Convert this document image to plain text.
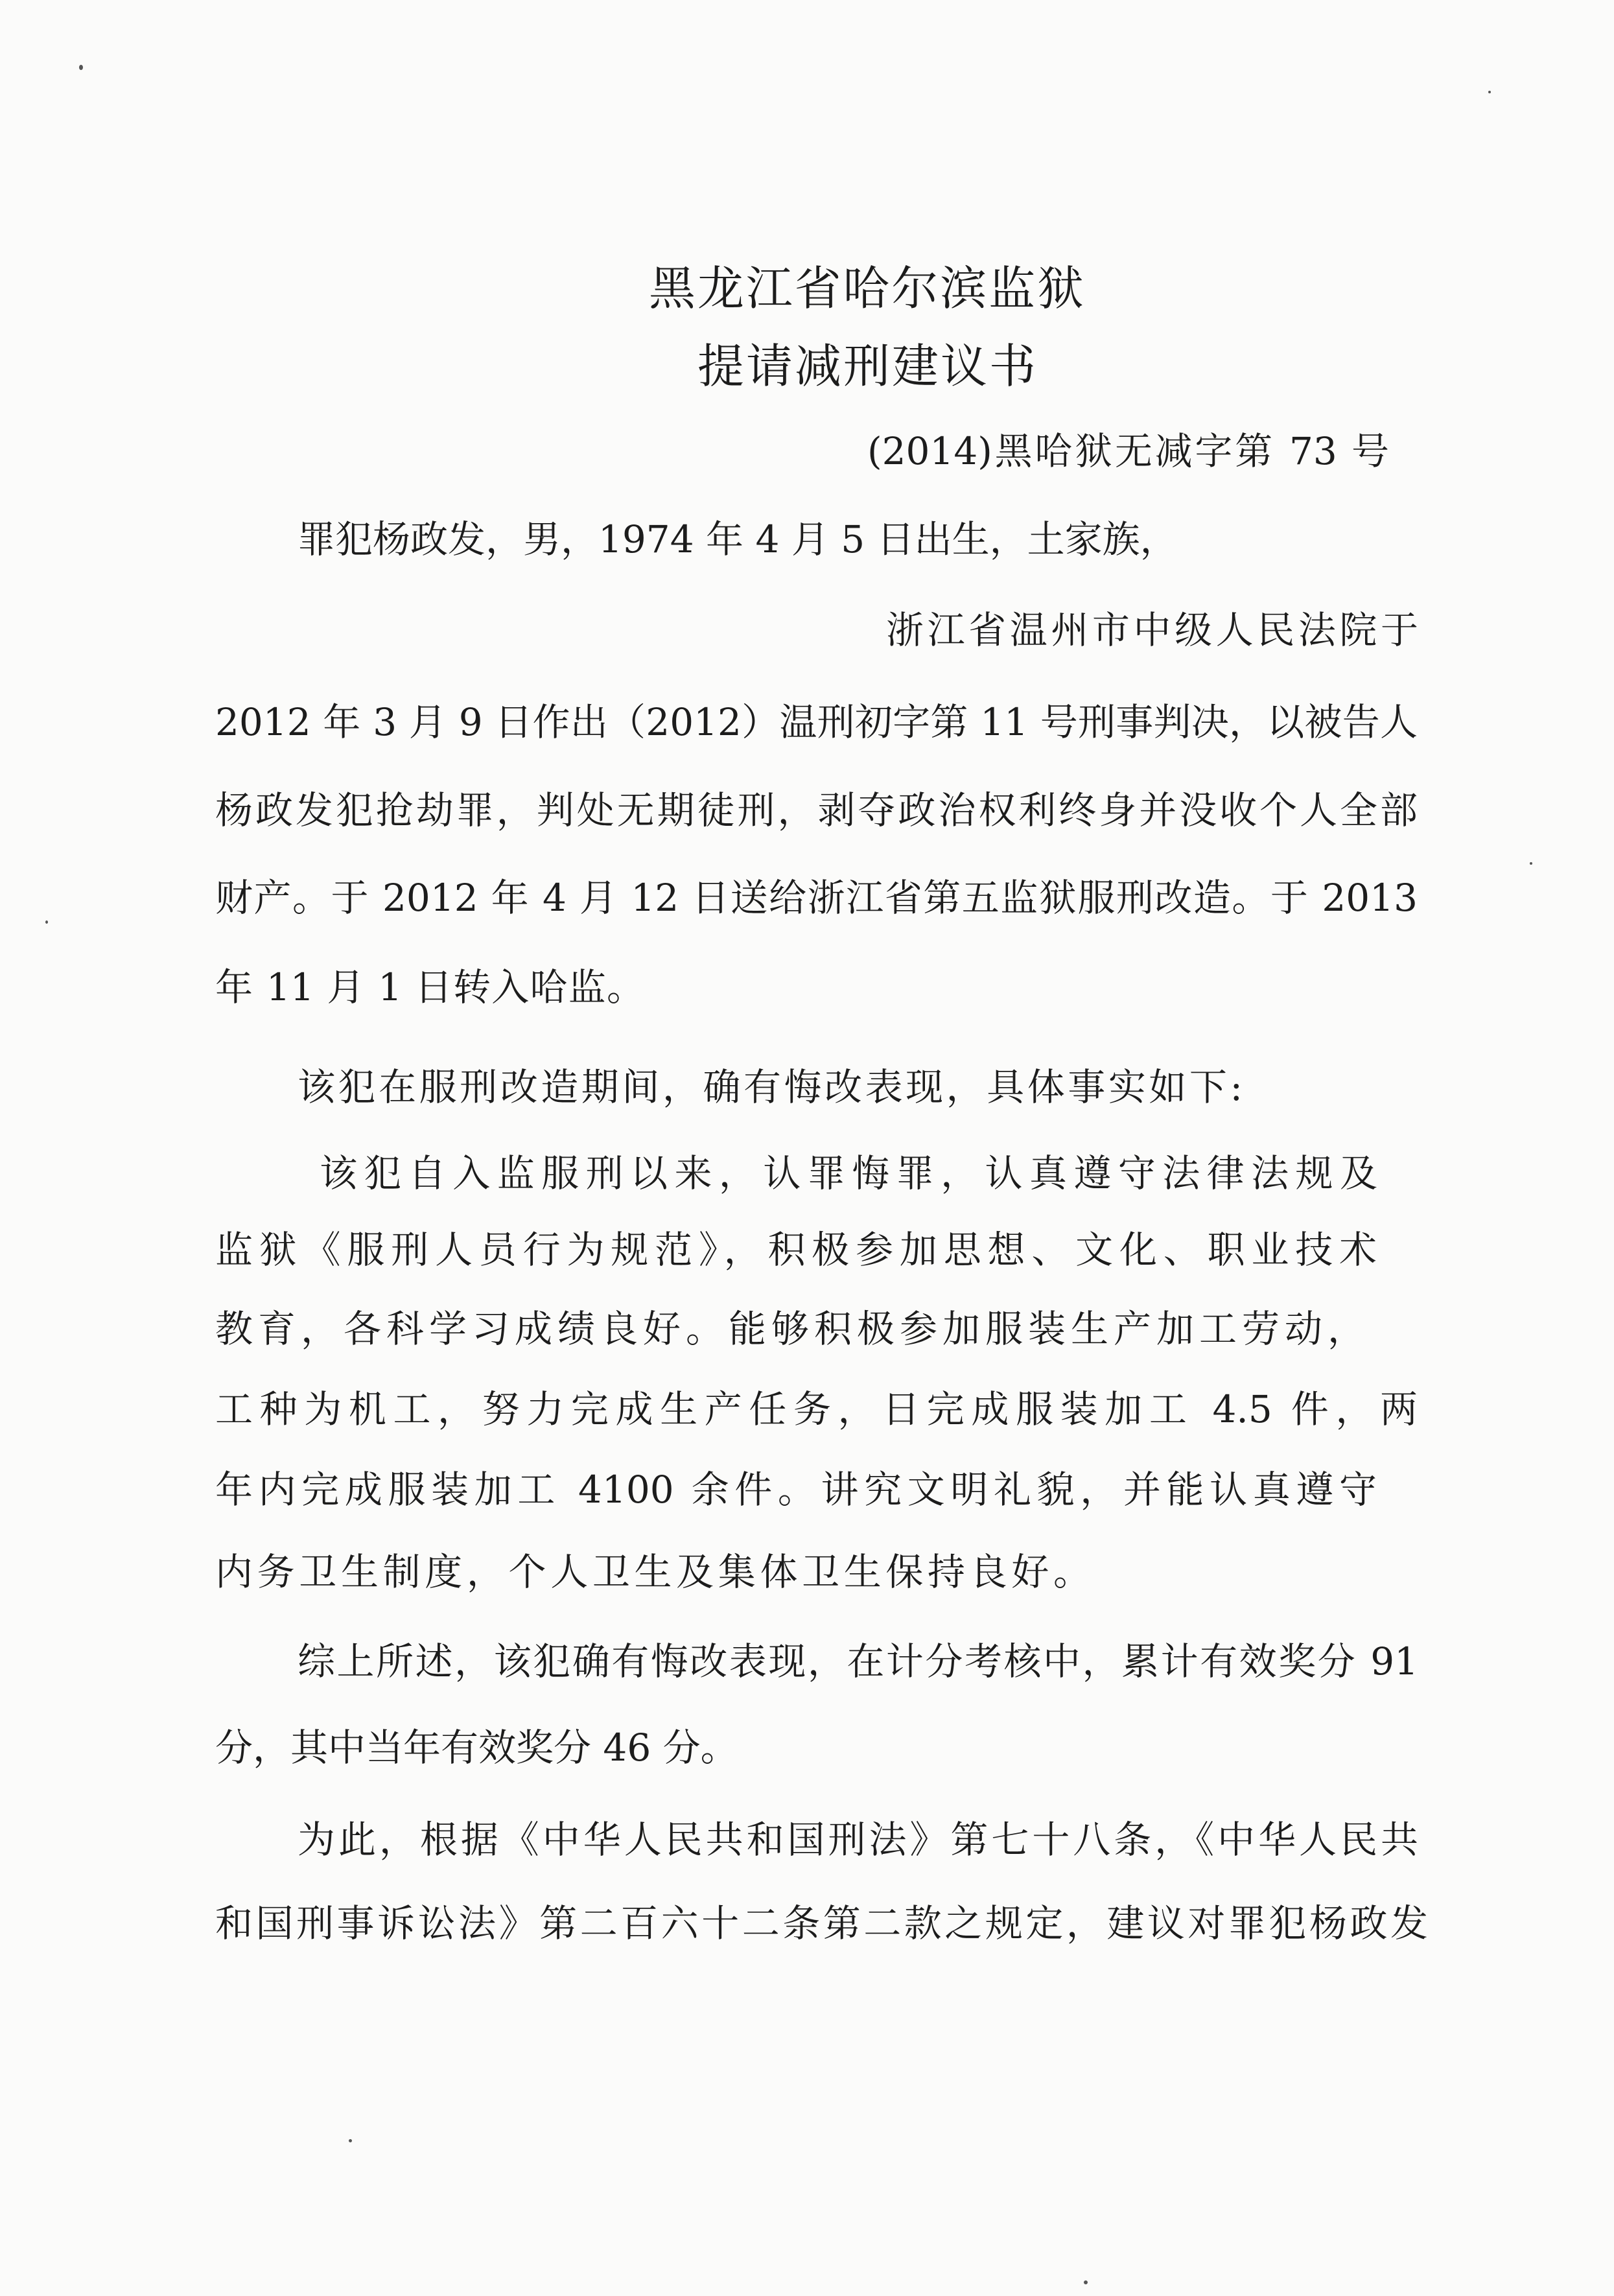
黑龙江省哈尔滨监狱
提请减刑建议书
(2014)黑哈狱无减字第 73 号
罪犯杨政发，男，1974 年 4 月 5 日出生，土家族，
浙江省温州市中级人民法院于
2012 年 3 月 9 日作出（2012）温刑初字第 11 号刑事判决，以被告人
杨政发犯抢劫罪，判处无期徒刑，剥夺政治权利终身并没收个人全部
财产。于 2012 年 4 月 12 日送给浙江省第五监狱服刑改造。于 2013
年 11 月 1 日转入哈监。
该犯在服刑改造期间，确有悔改表现，具体事实如下:
该犯自入监服刑以来，认罪悔罪，认真遵守法律法规及
监狱《服刑人员行为规范》，积极参加思想、文化、职业技术
教育，各科学习成绩良好。能够积极参加服装生产加工劳动，
工种为机工，努力完成生产任务，日完成服装加工 4.5 件，两
年内完成服装加工 4100 余件。讲究文明礼貌，并能认真遵守
内务卫生制度，个人卫生及集体卫生保持良好。
综上所述，该犯确有悔改表现，在计分考核中，累计有效奖分 91
分，其中当年有效奖分 46 分。
为此，根据《中华人民共和国刑法》第七十八条，《中华人民共
和国刑事诉讼法》第二百六十二条第二款之规定，建议对罪犯杨政发
